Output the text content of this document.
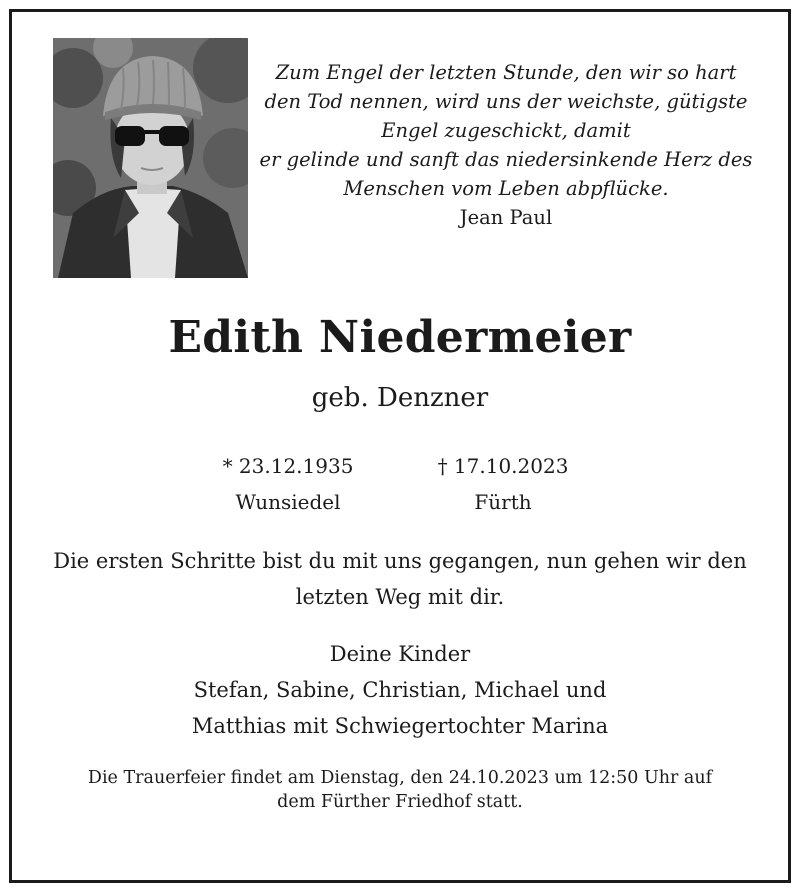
Zum Engel der letzten Stunde, den wir so hart
den Tod nennen, wird uns der weichste, gütigste
Engel zugeschickt, damit
er gelinde und sanft das niedersinkende Herz des
Menschen vom Leben abpflücke.
Jean Paul
Edith Niedermeier
geb. Denzner
* 23.12.1935
Wunsiedel
† 17.10.2023
Fürth
Die ersten Schritte bist du mit uns gegangen, nun gehen wir den
letzten Weg mit dir.
Deine Kinder
Stefan, Sabine, Christian, Michael und
Matthias mit Schwiegertochter Marina
Die Trauerfeier findet am Dienstag, den 24.10.2023 um 12:50 Uhr auf
dem Fürther Friedhof statt.
